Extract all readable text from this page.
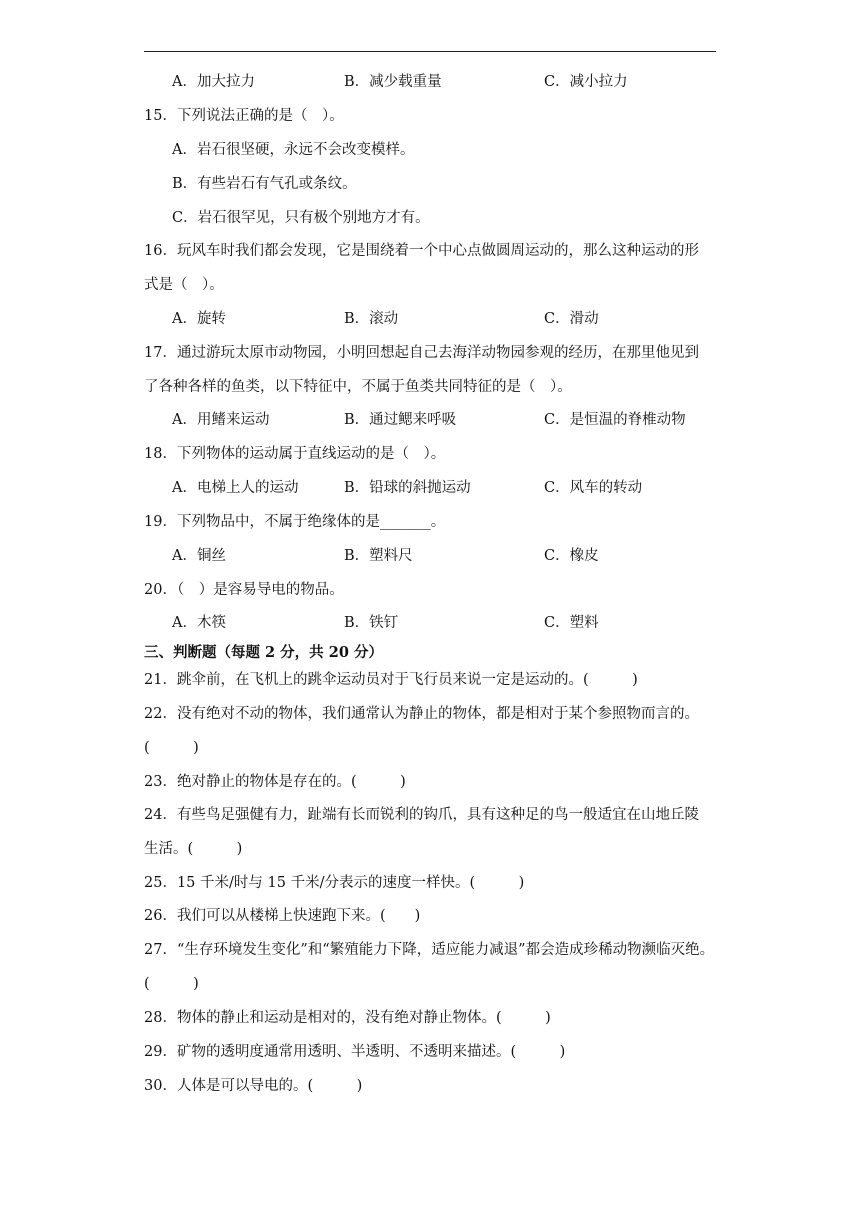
A．加大拉力	B．减少载重量	C．减小拉力
15．下列说法正确的是（　）。
A．岩石很坚硬，永远不会改变模样。
B．有些岩石有气孔或条纹。
C．岩石很罕见，只有极个别地方才有。
16．玩风车时我们都会发现，它是围绕着一个中心点做圆周运动的，那么这种运动的形
式是（　）。
A．旋转	B．滚动	C．滑动
17．通过游玩太原市动物园，小明回想起自己去海洋动物园参观的经历，在那里他见到
了各种各样的鱼类，以下特征中，不属于鱼类共同特征的是（　）。
A．用鳍来运动	B．通过鳃来呼吸	C．是恒温的脊椎动物
18．下列物体的运动属于直线运动的是（　）。
A．电梯上人的运动	B．铅球的斜抛运动	C．风车的转动
19．下列物品中，不属于绝缘体的是_______。
A．铜丝	B．塑料尺	C．橡皮
20．（　）是容易导电的物品。
A．木筷	B．铁钉	C．塑料
三、判断题（每题 2 分，共 20 分）
21．跳伞前，在飞机上的跳伞运动员对于飞行员来说一定是运动的。(　　　)
22．没有绝对不动的物体，我们通常认为静止的物体，都是相对于某个参照物而言的。
(　　　)
23．绝对静止的物体是存在的。(　　　)
24．有些鸟足强健有力，趾端有长而锐利的钩爪，具有这种足的鸟一般适宜在山地丘陵
生活。(　　　)
25．15 千米/时与 15 千米/分表示的速度一样快。(　　　)
26．我们可以从楼梯上快速跑下来。(　　)
27．“生存环境发生变化”和“繁殖能力下降，适应能力减退”都会造成珍稀动物濒临灭绝。
(　　　)
28．物体的静止和运动是相对的，没有绝对静止物体。(　　　)
29．矿物的透明度通常用透明、半透明、不透明来描述。(　　　)
30．人体是可以导电的。(　　　)
